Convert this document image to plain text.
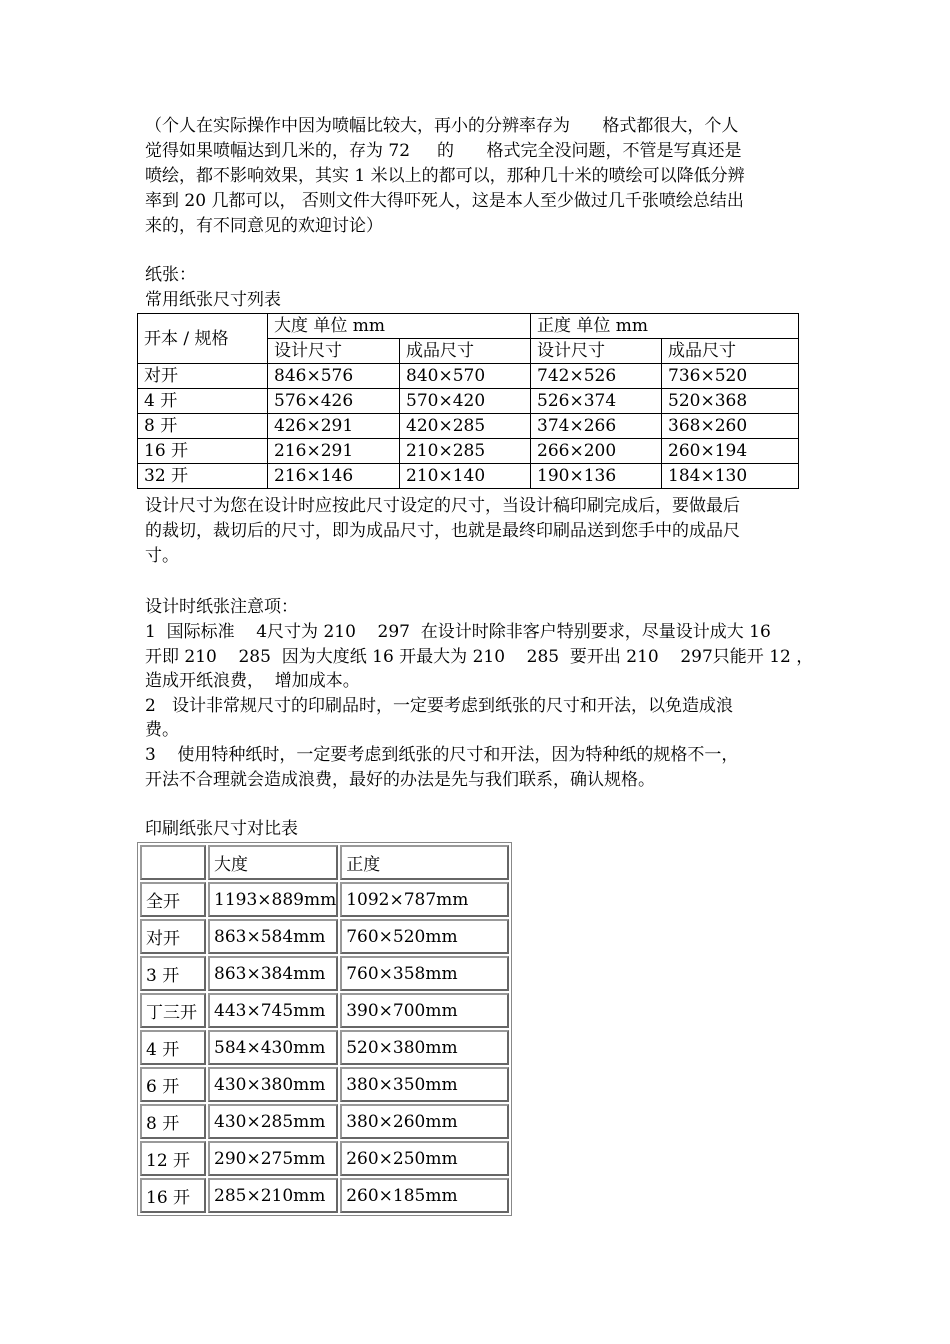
（个人在实际操作中因为喷幅比较大，再小的分辨率存为      格式都很大，个人
觉得如果喷幅达到几米的，存为 72     的      格式完全没问题，不管是写真还是
喷绘，都不影响效果，其实 1 米以上的都可以，那种几十米的喷绘可以降低分辨
率到 20 几都可以， 否则文件大得吓死人，这是本人至少做过几千张喷绘总结出
来的，有不同意见的欢迎讨论）
纸张：
常用纸张尺寸列表
开本 / 规格	大度 单位 mm		正度 单位 mm	
	设计尺寸	成品尺寸	设计尺寸	成品尺寸
对开	846×576	840×570	742×526	736×520
4 开	576×426	570×420	526×374	520×368
8 开	426×291	420×285	374×266	368×260
16 开	216×291	210×285	266×200	260×194
32 开	216×146	210×140	190×136	184×130
设计尺寸为您在设计时应按此尺寸设定的尺寸，当设计稿印刷完成后，要做最后
的裁切，裁切后的尺寸，即为成品尺寸，也就是最终印刷品送到您手中的成品尺
寸。
设计时纸张注意项：
1  国际标准    4尺寸为 210    297  在设计时除非客户特别要求，尽量设计成大 16
开即 210    285  因为大度纸 16 开最大为 210    285  要开出 210    297只能开 12 ，
造成开纸浪费，  增加成本。
2   设计非常规尺寸的印刷品时，一定要考虑到纸张的尺寸和开法，以免造成浪
费。
3    使用特种纸时，一定要考虑到纸张的尺寸和开法，因为特种纸的规格不一，
开法不合理就会造成浪费，最好的办法是先与我们联系，确认规格。
印刷纸张尺寸对比表
	大度	正度
全开	1193×889mm	1092×787mm
对开	863×584mm	760×520mm
3 开	863×384mm	760×358mm
丁三开	443×745mm	390×700mm
4 开	584×430mm	520×380mm
6 开	430×380mm	380×350mm
8 开	430×285mm	380×260mm
12 开	290×275mm	260×250mm
16 开	285×210mm	260×185mm
